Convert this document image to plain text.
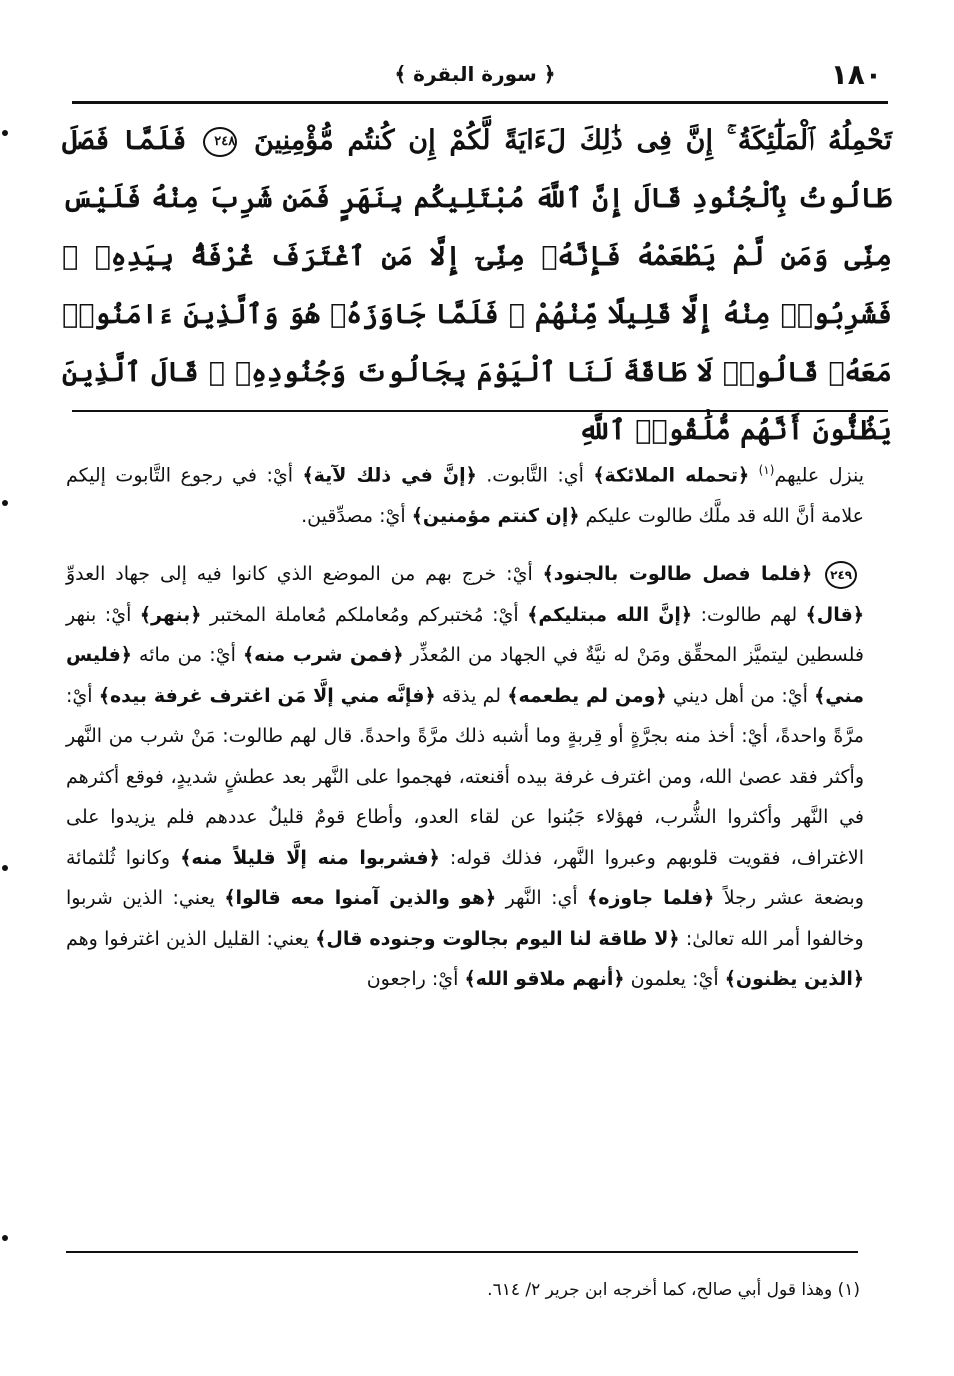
١٨٠
﴿ سورة البقرة ﴾
تَحْمِلُهُ ٱلْمَلَٰٓئِكَةُ ۚ إِنَّ فِى ذَٰلِكَ لَءَايَةً لَّكُمْ إِن كُنتُم مُّؤْمِنِينَ ٢٤٨ فَلَمَّا فَصَلَ طَالُوتُ بِٱلْجُنُودِ قَالَ إِنَّ ٱللَّهَ مُبْتَلِيكُم بِنَهَرٍ فَمَن شَرِبَ مِنْهُ فَلَيْسَ مِنِّى وَمَن لَّمْ يَطْعَمْهُ فَإِنَّهُۥ مِنِّىٓ إِلَّا مَنِ ٱغْتَرَفَ غُرْفَةًۢ بِيَدِهِۦ ۚ فَشَرِبُوا۟ مِنْهُ إِلَّا قَلِيلًا مِّنْهُمْ ۚ فَلَمَّا جَاوَزَهُۥ هُوَ وَٱلَّذِينَ ءَامَنُوا۟ مَعَهُۥ قَالُوا۟ لَا طَاقَةَ لَنَا ٱلْيَوْمَ بِجَالُوتَ وَجُنُودِهِۦ ۚ قَالَ ٱلَّذِينَ يَظُنُّونَ أَنَّهُم مُّلَٰقُوا۟ ٱللَّهِ

ينزل عليهم$^{(١)}$ ﴿تحمله الملائكة﴾ أي: التَّابوت. ﴿إنَّ في ذلك لآية﴾ أيْ: في رجوع التَّابوت إليكم علامة أنَّ الله قد ملَّك طالوت عليكم ﴿إن كنتم مؤمنين﴾ أيْ: مصدِّقين.

٢٤٩ ﴿فلما فصل طالوت بالجنود﴾ أيْ: خرج بهم من الموضع الذي كانوا فيه إلى جهاد العدوِّ ﴿قال﴾ لهم طالوت: ﴿إنَّ الله مبتليكم﴾ أيْ: مُختبركم ومُعاملكم مُعاملة المختبر ﴿بنهر﴾ أيْ: بنهر فلسطين ليتميَّز المحقِّق ومَنْ له نيَّةٌ في الجهاد من المُعذِّر ﴿فمن شرب منه﴾ أيْ: من مائه ﴿فليس مني﴾ أيْ: من أهل ديني ﴿ومن لم يطعمه﴾ لم يذقه ﴿فإنَّه مني إلَّا مَن اغترف غرفة بيده﴾ أيْ: مرَّةً واحدةً، أيْ: أخذ منه بجرَّةٍ أو قِربةٍ وما أشبه ذلك مرَّةً واحدةً. قال لهم طالوت: مَنْ شرب من النَّهر وأكثر فقد عصىٰ الله، ومن اغترف غرفة بيده أقنعته، فهجموا على النَّهر بعد عطشٍ شديدٍ، فوقع أكثرهم في النَّهر وأكثروا الشُّرب، فهؤلاء جَبُنوا عن لقاء العدو، وأطاع قومٌ قليلٌ عددهم فلم يزيدوا على الاغتراف، فقويت قلوبهم وعبروا النَّهر، فذلك قوله: ﴿فشربوا منه إلَّا قليلاً منه﴾ وكانوا ثُلثمائة وبضعة عشر رجلاً ﴿فلما جاوزه﴾ أي: النَّهر ﴿هو والذين آمنوا معه قالوا﴾ يعني: الذين شربوا وخالفوا أمر الله تعالىٰ: ﴿لا طاقة لنا اليوم بجالوت وجنوده قال﴾ يعني: القليل الذين اغترفوا وهم ﴿الذين يظنون﴾ أيْ: يعلمون ﴿أنهم ملاقو الله﴾ أيْ: راجعون

(١) وهذا قول أبي صالح، كما أخرجه ابن جرير ٢/ ٦١٤.
